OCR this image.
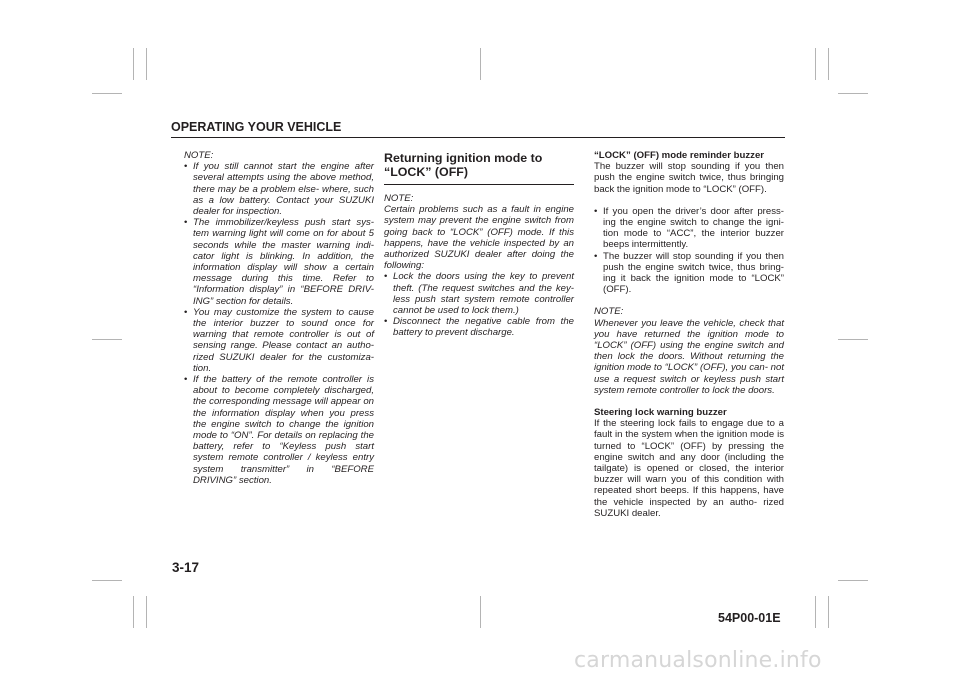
OPERATING YOUR VEHICLE
NOTE:
• If you still cannot start the engine after several attempts using the above method, there may be a problem else- where, such as a low battery. Contact your SUZUKI dealer for inspection.
• The immobilizer/keyless push start sys- tem warning light will come on for about 5 seconds while the master warning indi- cator light is blinking. In addition, the information display will show a certain message during this time. Refer to “Information display” in “BEFORE DRIV- ING” section for details.
• You may customize the system to cause the interior buzzer to sound once for warning that remote controller is out of sensing range. Please contact an autho- rized SUZUKI dealer for the customiza- tion.
• If the battery of the remote controller is about to become completely discharged, the corresponding message will appear on the information display when you press the engine switch to change the ignition mode to “ON”. For details on replacing the battery, refer to “Keyless push start system remote controller / keyless entry system transmitter” in “BEFORE DRIVING” section.
Returning ignition mode to “LOCK” (OFF)
NOTE:

Certain problems such as a fault in engine system may prevent the engine switch from going back to “LOCK” (OFF) mode. If this happens, have the vehicle inspected by an authorized SUZUKI dealer after doing the following:

• Lock the doors using the key to prevent theft. (The request switches and the key- less push start system remote controller cannot be used to lock them.)
• Disconnect the negative cable from the battery to prevent discharge.
“LOCK” (OFF) mode reminder buzzer

The buzzer will stop sounding if you then push the engine switch twice, thus bringing back the ignition mode to “LOCK” (OFF).

• If you open the driver’s door after press- ing the engine switch to change the igni- tion mode to “ACC”, the interior buzzer beeps intermittently.
• The buzzer will stop sounding if you then push the engine switch twice, thus bring- ing it back the ignition mode to “LOCK” (OFF).
NOTE:

Whenever you leave the vehicle, check that you have returned the ignition mode to “LOCK” (OFF) using the engine switch and then lock the doors. Without returning the ignition mode to “LOCK” (OFF), you can- not use a request switch or keyless push start system remote controller to lock the doors.

Steering lock warning buzzer

If the steering lock fails to engage due to a fault in the system when the ignition mode is turned to “LOCK” (OFF) by pressing the engine switch and any door (including the tailgate) is opened or closed, the interior buzzer will warn you of this condition with repeated short beeps. If this happens, have the vehicle inspected by an autho- rized SUZUKI dealer.

3-17
54P00-01E
carmanualsonline.info
